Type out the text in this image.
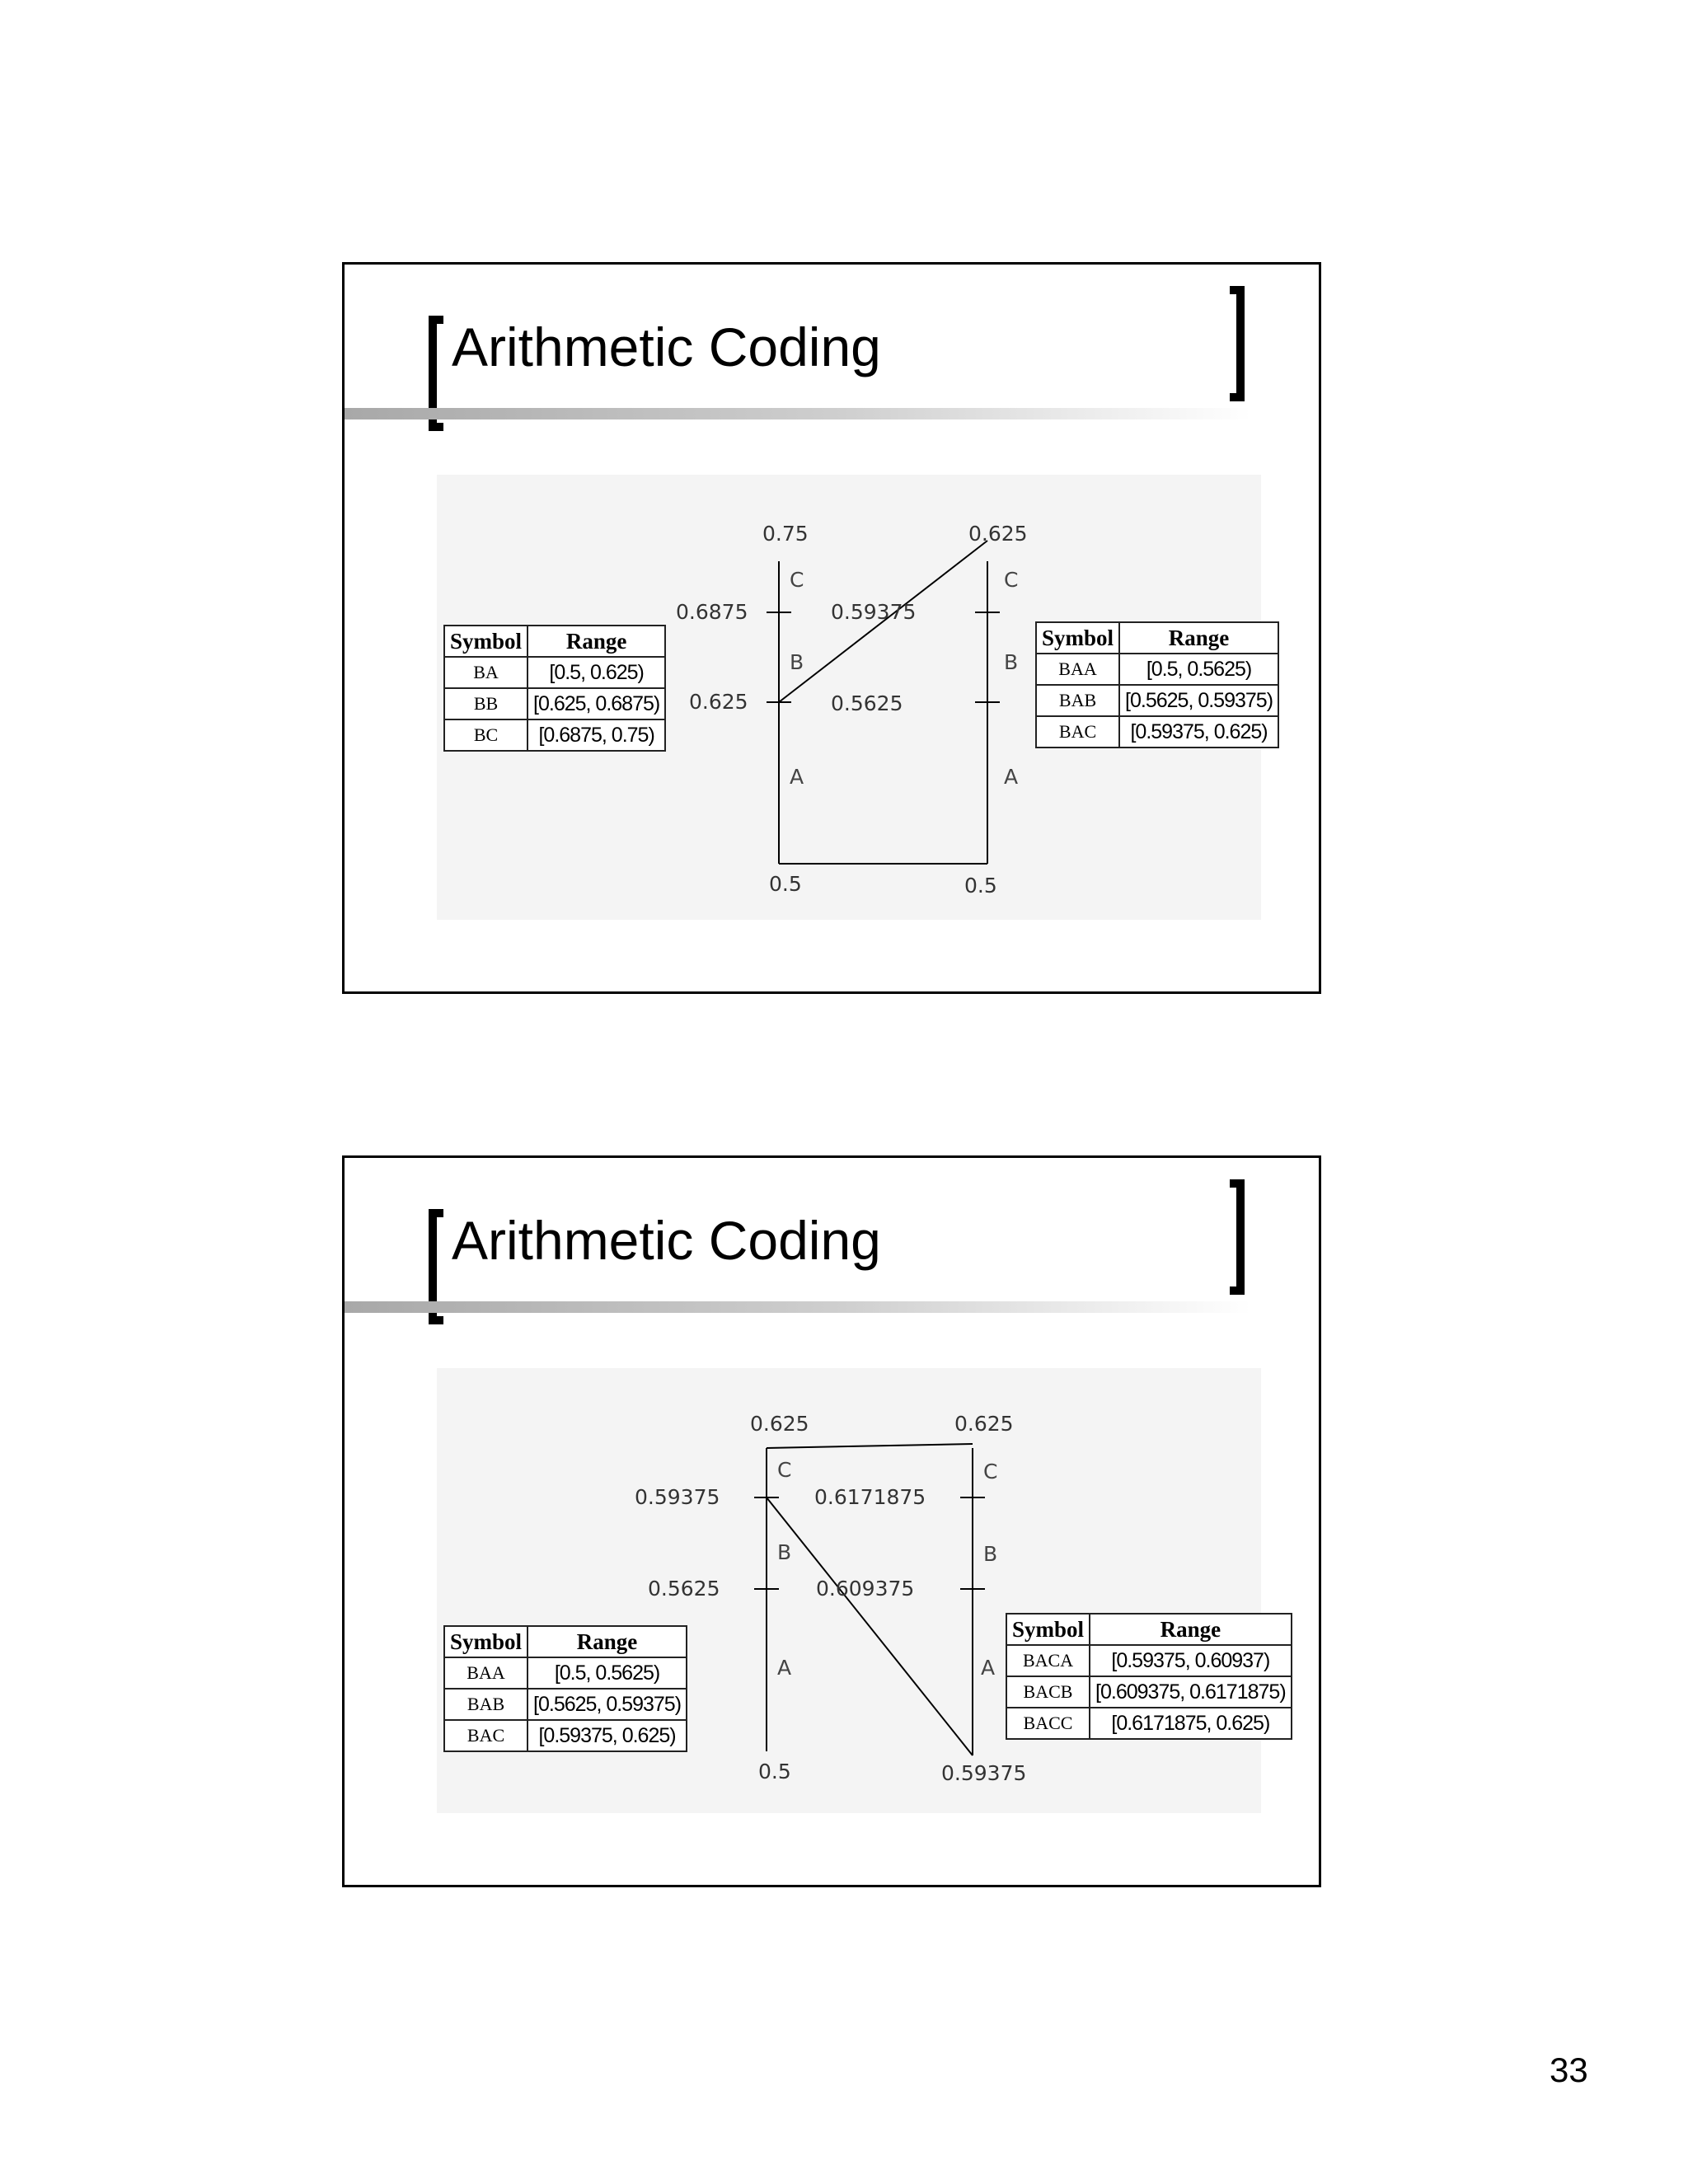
Arithmetic Coding
0.75
0.6875
0.625
0.5
0.625
0.59375
0.5625
0.5
C
B
A
C
B
A
Symbol	Range
BA	[0.5, 0.625)
BB	[0.625, 0.6875)
BC	[0.6875, 0.75)
Symbol	Range
BAA	[0.5, 0.5625)
BAB	[0.5625, 0.59375)
BAC	[0.59375, 0.625)
Arithmetic Coding
0.625
0.59375
0.5625
0.5
0.625
0.6171875
0.609375
0.59375
C
B
A
C
B
A
Symbol	Range
BAA	[0.5, 0.5625)
BAB	[0.5625, 0.59375)
BAC	[0.59375, 0.625)
Symbol	Range
BACA	[0.59375, 0.60937)
BACB	[0.609375, 0.6171875)
BACC	[0.6171875, 0.625)
33
